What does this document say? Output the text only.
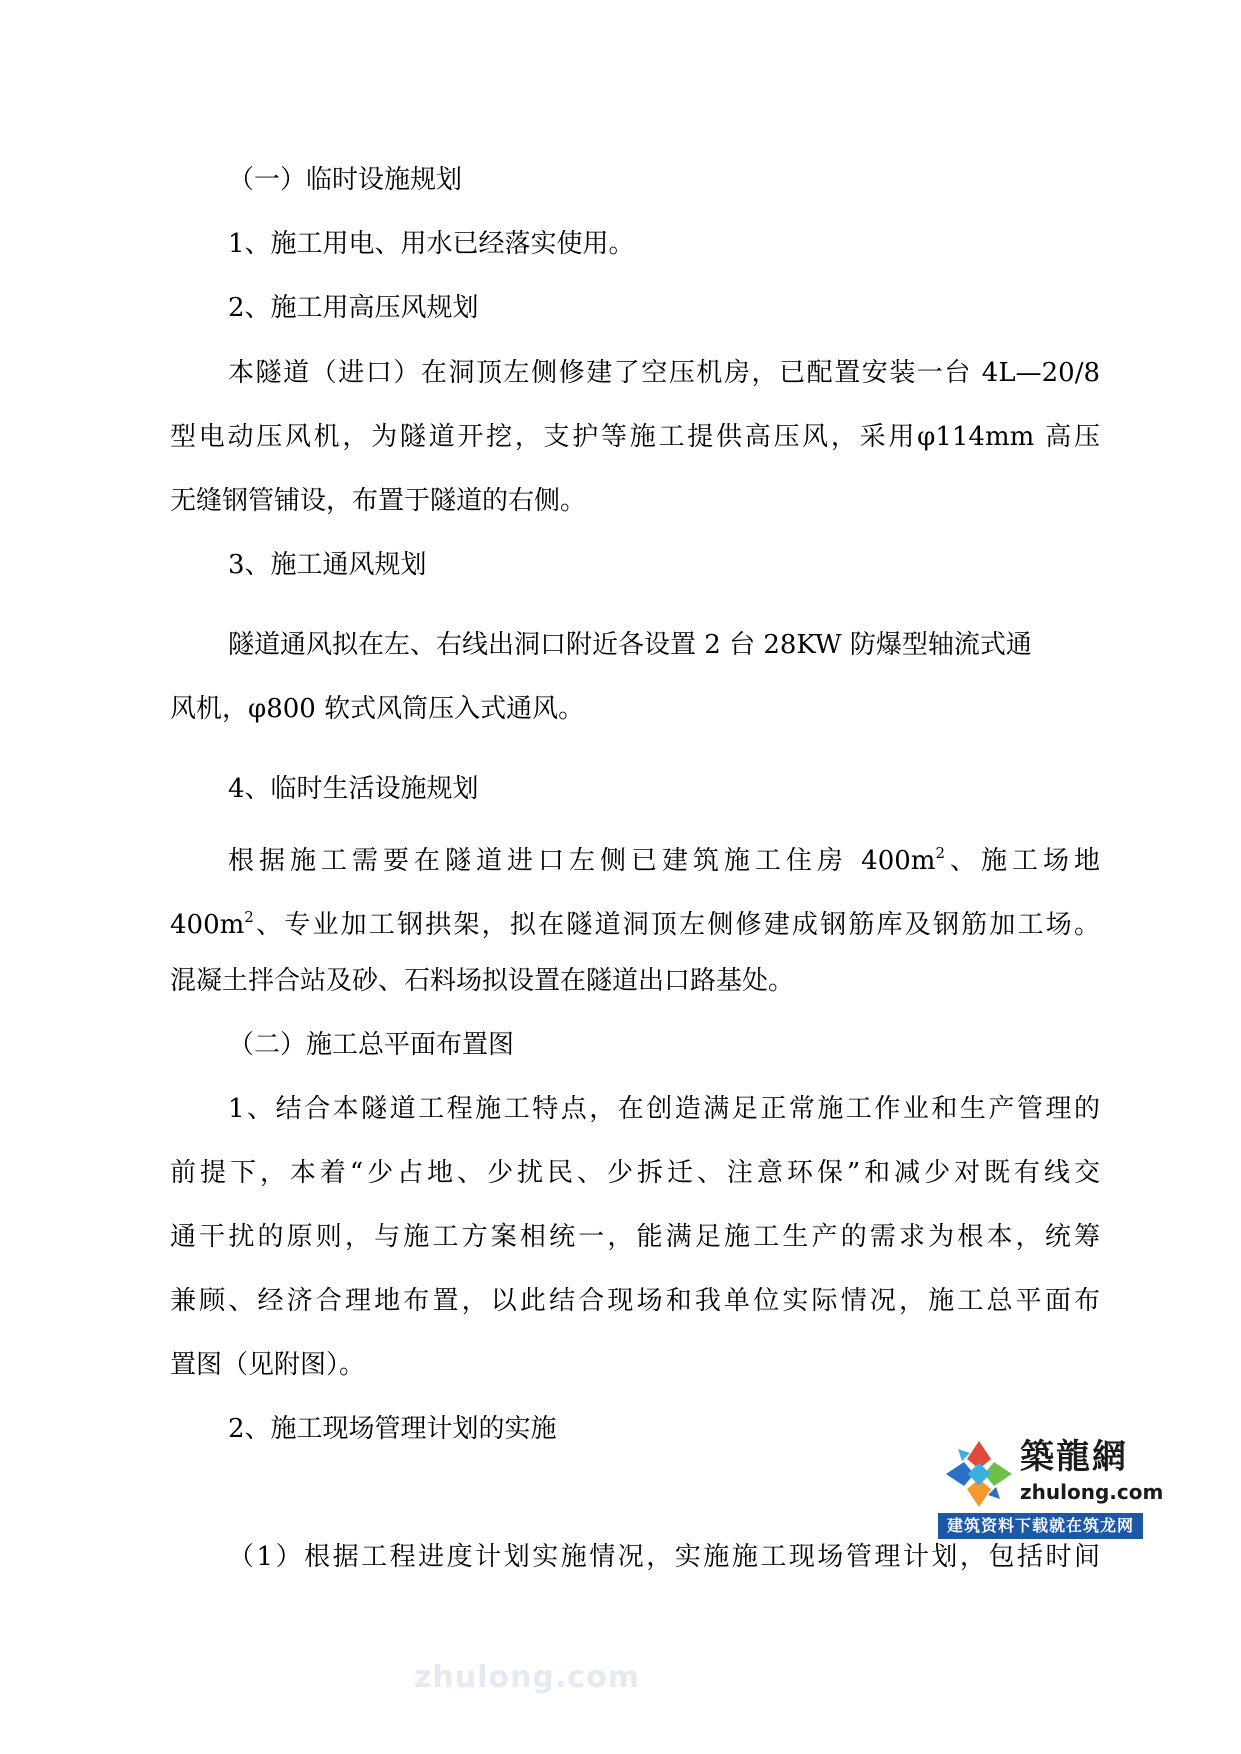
（一）临时设施规划
1、施工用电、用水已经落实使用。
2、施工用高压风规划
本隧道（进口）在洞顶左侧修建了空压机房，已配置安装一台 4L—20/8
型电动压风机，为隧道开挖，支护等施工提供高压风，采用φ114mm 高压
无缝钢管铺设，布置于隧道的右侧。
3、施工通风规划
隧道通风拟在左、右线出洞口附近各设置 2 台 28KW 防爆型轴流式通
风机，φ800 软式风筒压入式通风。
4、临时生活设施规划
根据施工需要在隧道进口左侧已建筑施工住房 $400m^2$、施工场地
$400m^2$、专业加工钢拱架，拟在隧道洞顶左侧修建成钢筋库及钢筋加工场。
混凝土拌合站及砂、石料场拟设置在隧道出口路基处。
（二）施工总平面布置图
1、结合本隧道工程施工特点，在创造满足正常施工作业和生产管理的
前提下，本着“少占地、少扰民、少拆迁、注意环保”和减少对既有线交
通干扰的原则，与施工方案相统一，能满足施工生产的需求为根本，统筹
兼顾、经济合理地布置，以此结合现场和我单位实际情况，施工总平面布
置图（见附图）。
2、施工现场管理计划的实施
（1）根据工程进度计划实施情况，实施施工现场管理计划，包括时间
築龍網
zhulong.com
建筑资料下载就在筑龙网
zhulong.com
